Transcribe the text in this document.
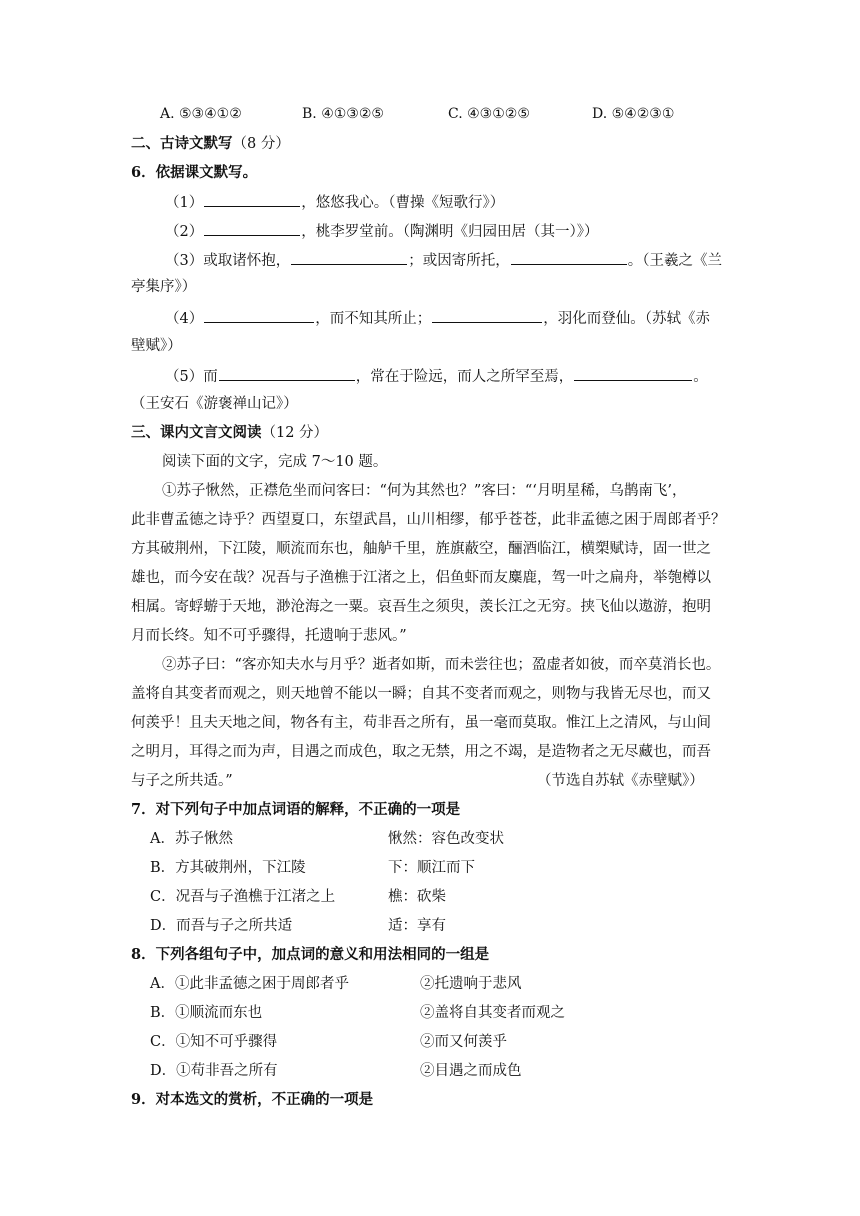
A. ⑤③④①②	B. ④①③②⑤	C. ④③①②⑤	D. ⑤④②③①
二、古诗文默写（8 分）
6．依据课文默写。
（1）	，悠悠我心。（曹操《短歌行》）
（2）	，桃李罗堂前。（陶渊明《归园田居（其一）》）
（3）或取诸怀抱，	；或因寄所托，	。（王羲之《兰
亭集序》）
（4）	，而不知其所止；	，羽化而登仙。（苏轼《赤
壁赋》）
（5）而	，常在于险远，而人之所罕至焉，	。
（王安石《游褒禅山记》）
三、课内文言文阅读（12 分）
阅读下面的文字，完成 7～10 题。
①苏子愀然，正襟危坐而问客曰：“何为其然也？”客曰：“‘月明星稀，乌鹊南飞’，
此非曹孟德之诗乎？西望夏口，东望武昌，山川相缪，郁乎苍苍，此非孟德之困于周郎者乎？
方其破荆州，下江陵，顺流而东也，舳舻千里，旌旗蔽空，酾酒临江，横槊赋诗，固一世之
雄也，而今安在哉？况吾与子渔樵于江渚之上，侣鱼虾而友麋鹿，驾一叶之扁舟，举匏樽以
相属。寄蜉蝣于天地，渺沧海之一粟。哀吾生之须臾，羡长江之无穷。挟飞仙以遨游，抱明
月而长终。知不可乎骤得，托遗响于悲风。”
②苏子曰：“客亦知夫水与月乎？逝者如斯，而未尝往也；盈虚者如彼，而卒莫消长也。
盖将自其变者而观之，则天地曾不能以一瞬；自其不变者而观之，则物与我皆无尽也，而又
何羡乎！且夫天地之间，物各有主，苟非吾之所有，虽一毫而莫取。惟江上之清风，与山间
之明月，耳得之而为声，目遇之而成色，取之无禁，用之不竭，是造物者之无尽藏也，而吾
与子之所共适。”	（节选自苏轼《赤壁赋》）
7．对下列句子中加点词语的解释，不正确的一项是
A．苏子愀然	愀然：容色改变状
B．方其破荆州，下江陵	下：顺江而下
C．况吾与子渔樵于江渚之上	樵：砍柴
D．而吾与子之所共适	适：享有
8．下列各组句子中，加点词的意义和用法相同的一组是
A．①此非孟德之困于周郎者乎	②托遗响于悲风
B．①顺流而东也	②盖将自其变者而观之
C．①知不可乎骤得	②而又何羡乎
D．①苟非吾之所有	②目遇之而成色
9．对本选文的赏析，不正确的一项是
